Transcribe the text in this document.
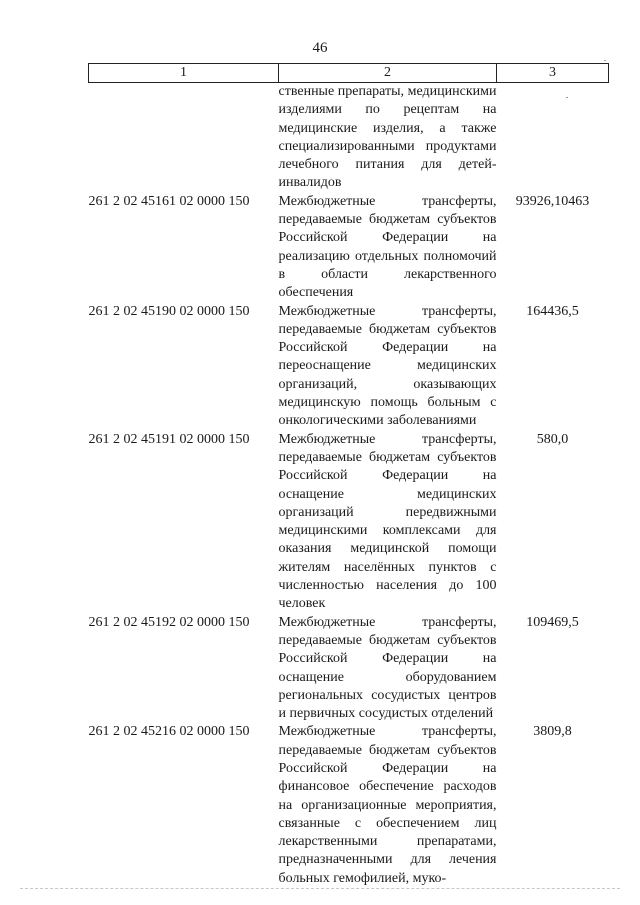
46
1	2	3
	ственные препараты, медицинскими изделиями по рецептам на медицинские изделия, а также специализированными продуктами лечебного питания для детей-инвалидов	
261 2 02 45161 02 0000 150	Межбюджетные трансферты, передаваемые бюджетам субъектов Российской Федерации на реализацию отдельных полномочий в области лекарственного обеспечения	93926,10463
261 2 02 45190 02 0000 150	Межбюджетные трансферты, передаваемые бюджетам субъектов Российской Федерации на переоснащение медицинских организаций, оказывающих медицинскую помощь больным с онкологическими заболеваниями	164436,5
261 2 02 45191 02 0000 150	Межбюджетные трансферты, передаваемые бюджетам субъектов Российской Федерации на оснащение медицинских организаций передвижными медицинскими комплексами для оказания медицинской помощи жителям населённых пунктов с численностью населения до 100 человек	580,0
261 2 02 45192 02 0000 150	Межбюджетные трансферты, передаваемые бюджетам субъектов Российской Федерации на оснащение оборудованием региональных сосудистых центров и первичных сосудистых отделений	109469,5
261 2 02 45216 02 0000 150	Межбюджетные трансферты, передаваемые бюджетам субъектов Российской Федерации на финансовое обеспечение расходов на организационные мероприятия, связанные с обеспечением лиц лекарственными препаратами, предназначенными для лечения больных гемофилией, муко-	3809,8
